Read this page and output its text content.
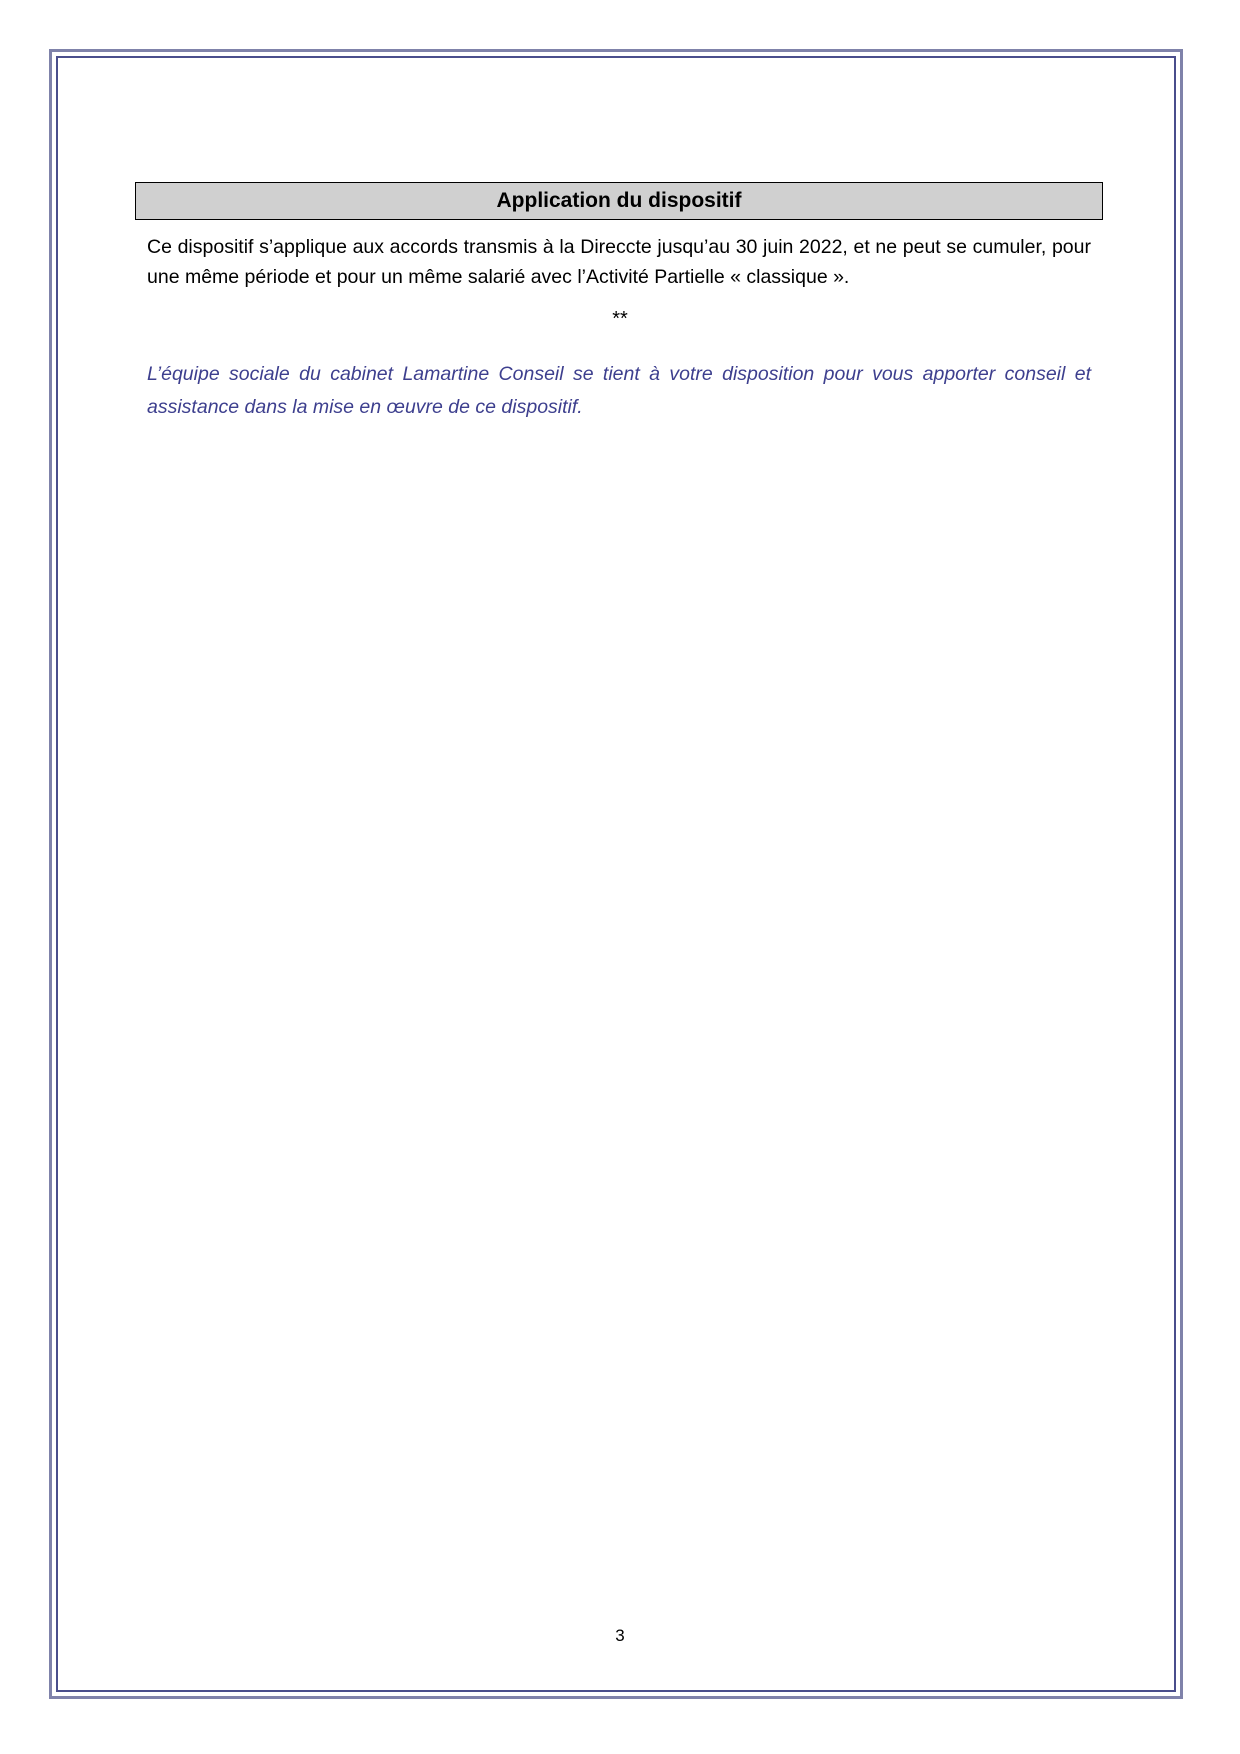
Application du dispositif

Ce dispositif s’applique aux accords transmis à la Direccte jusqu’au 30 juin 2022, et ne peut se cumuler, pour une même période et pour un même salarié avec l’Activité Partielle « classique ».

**

L’équipe sociale du cabinet Lamartine Conseil se tient à votre disposition pour vous apporter conseil et assistance dans la mise en œuvre de ce dispositif.

3
